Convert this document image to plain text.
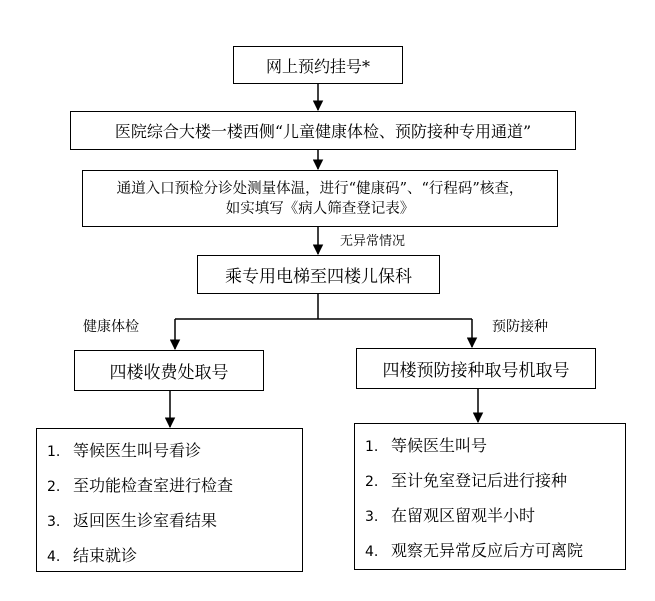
网上预约挂号*
医院综合大楼一楼西侧“儿童健康体检、预防接种专用通道”
通道入口预检分诊处测量体温，进行“健康码”、“行程码”核查，
如实填写《病人筛查登记表》
无异常情况
乘专用电梯至四楼儿保科
健康体检	预防接种
四楼收费处取号	四楼预防接种取号机取号
1. 等候医生叫号看诊
2. 至功能检查室进行检查
3. 返回医生诊室看结果
4. 结束就诊
1. 等候医生叫号
2. 至计免室登记后进行接种
3. 在留观区留观半小时
4. 观察无异常反应后方可离院
